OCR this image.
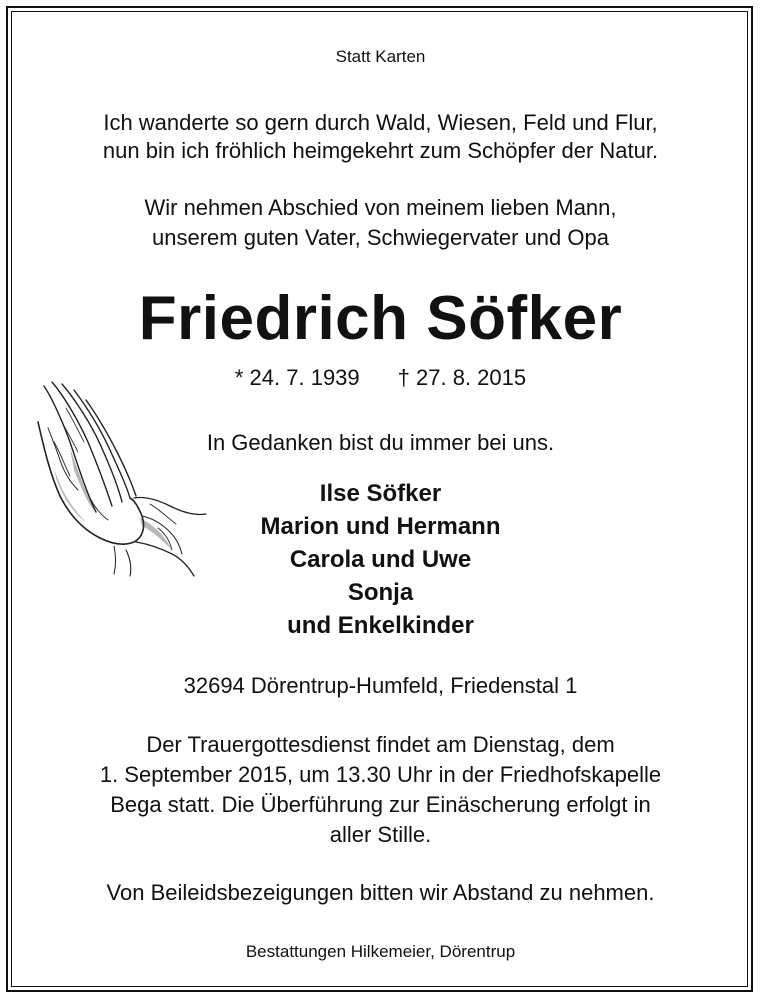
Statt Karten
Ich wanderte so gern durch Wald, Wiesen, Feld und Flur,
nun bin ich fröhlich heimgekehrt zum Schöpfer der Natur.
Wir nehmen Abschied von meinem lieben Mann,
unserem guten Vater, Schwiegervater und Opa
Friedrich Söfker
* 24. 7. 1939 † 27. 8. 2015
In Gedanken bist du immer bei uns.
Ilse Söfker
Marion und Hermann
Carola und Uwe
Sonja
und Enkelkinder
32694 Dörentrup-Humfeld, Friedenstal 1
Der Trauergottesdienst findet am Dienstag, dem
1. September 2015, um 13.30 Uhr in der Friedhofskapelle
Bega statt. Die Überführung zur Einäscherung erfolgt in
aller Stille.
Von Beileidsbezeigungen bitten wir Abstand zu nehmen.
Bestattungen Hilkemeier, Dörentrup
